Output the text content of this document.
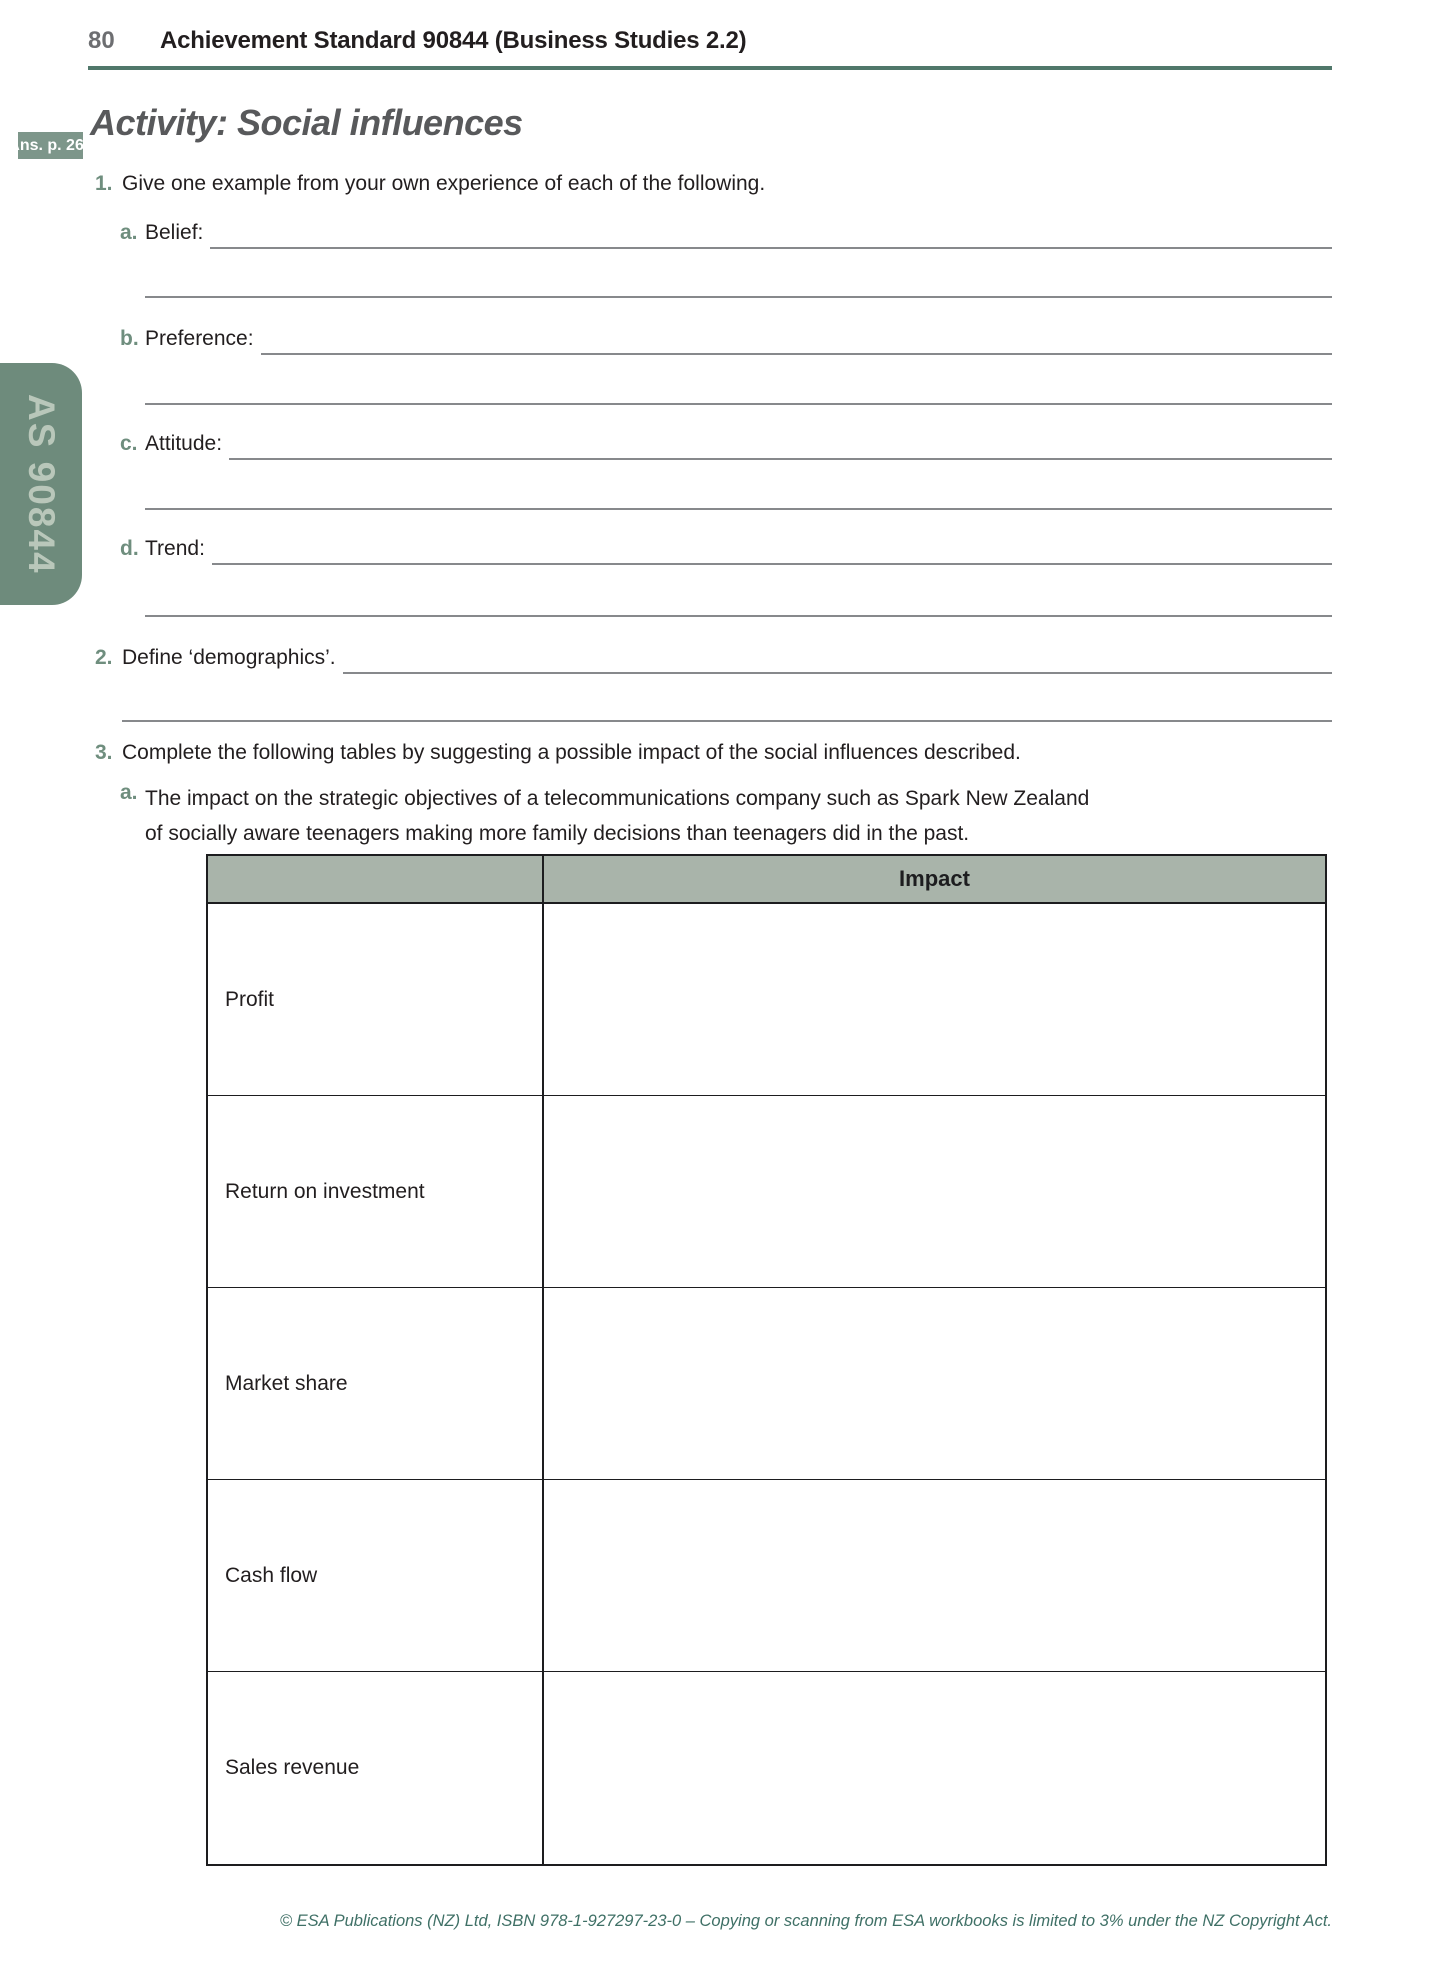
80	Achievement Standard 90844 (Business Studies 2.2)
AS 90844
Ans. p. 268
Activity: Social influences
1. Give one example from your own experience of each of the following.
a. Belief:
b. Preference:
c. Attitude:
d. Trend:
2. Define ‘demographics’.
3. Complete the following tables by suggesting a possible impact of the social influences described.
a. The impact on the strategic objectives of a telecommunications company such as Spark New Zealand of socially aware teenagers making more family decisions than teenagers did in the past.
Impact
Profit
Return on investment
Market share
Cash flow
Sales revenue
© ESA Publications (NZ) Ltd, ISBN 978-1-927297-23-0 – Copying or scanning from ESA workbooks is limited to 3% under the NZ Copyright Act.
